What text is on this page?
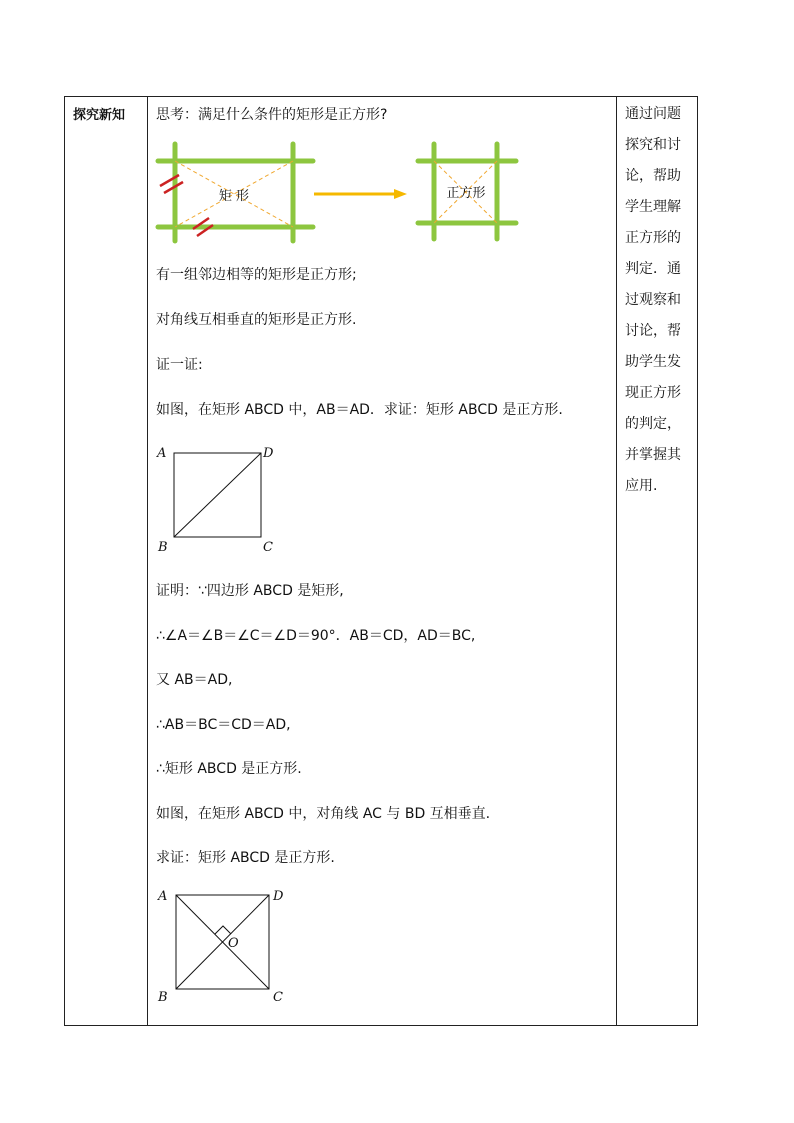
探究新知	思考：满足什么条件的矩形是正方形?
矩 形	正方形
有一组邻边相等的矩形是正方形;
对角线互相垂直的矩形是正方形.
证一证:
如图，在矩形 ABCD 中，AB＝AD．求证：矩形 ABCD 是正方形.
A	D
B	C
证明：∵四边形 ABCD 是矩形,
∴∠A＝∠B＝∠C＝∠D＝90°．AB＝CD，AD＝BC,
又 AB＝AD,
∴AB＝BC＝CD＝AD,
∴矩形 ABCD 是正方形.
如图，在矩形 ABCD 中，对角线 AC 与 BD 互相垂直.
求证：矩形 ABCD 是正方形.
A	D
B	C
O

通过问题探究和讨论，帮助学生理解正方形的判定．通过观察和讨论，帮助学生发现正方形的判定，并掌握其应用.
